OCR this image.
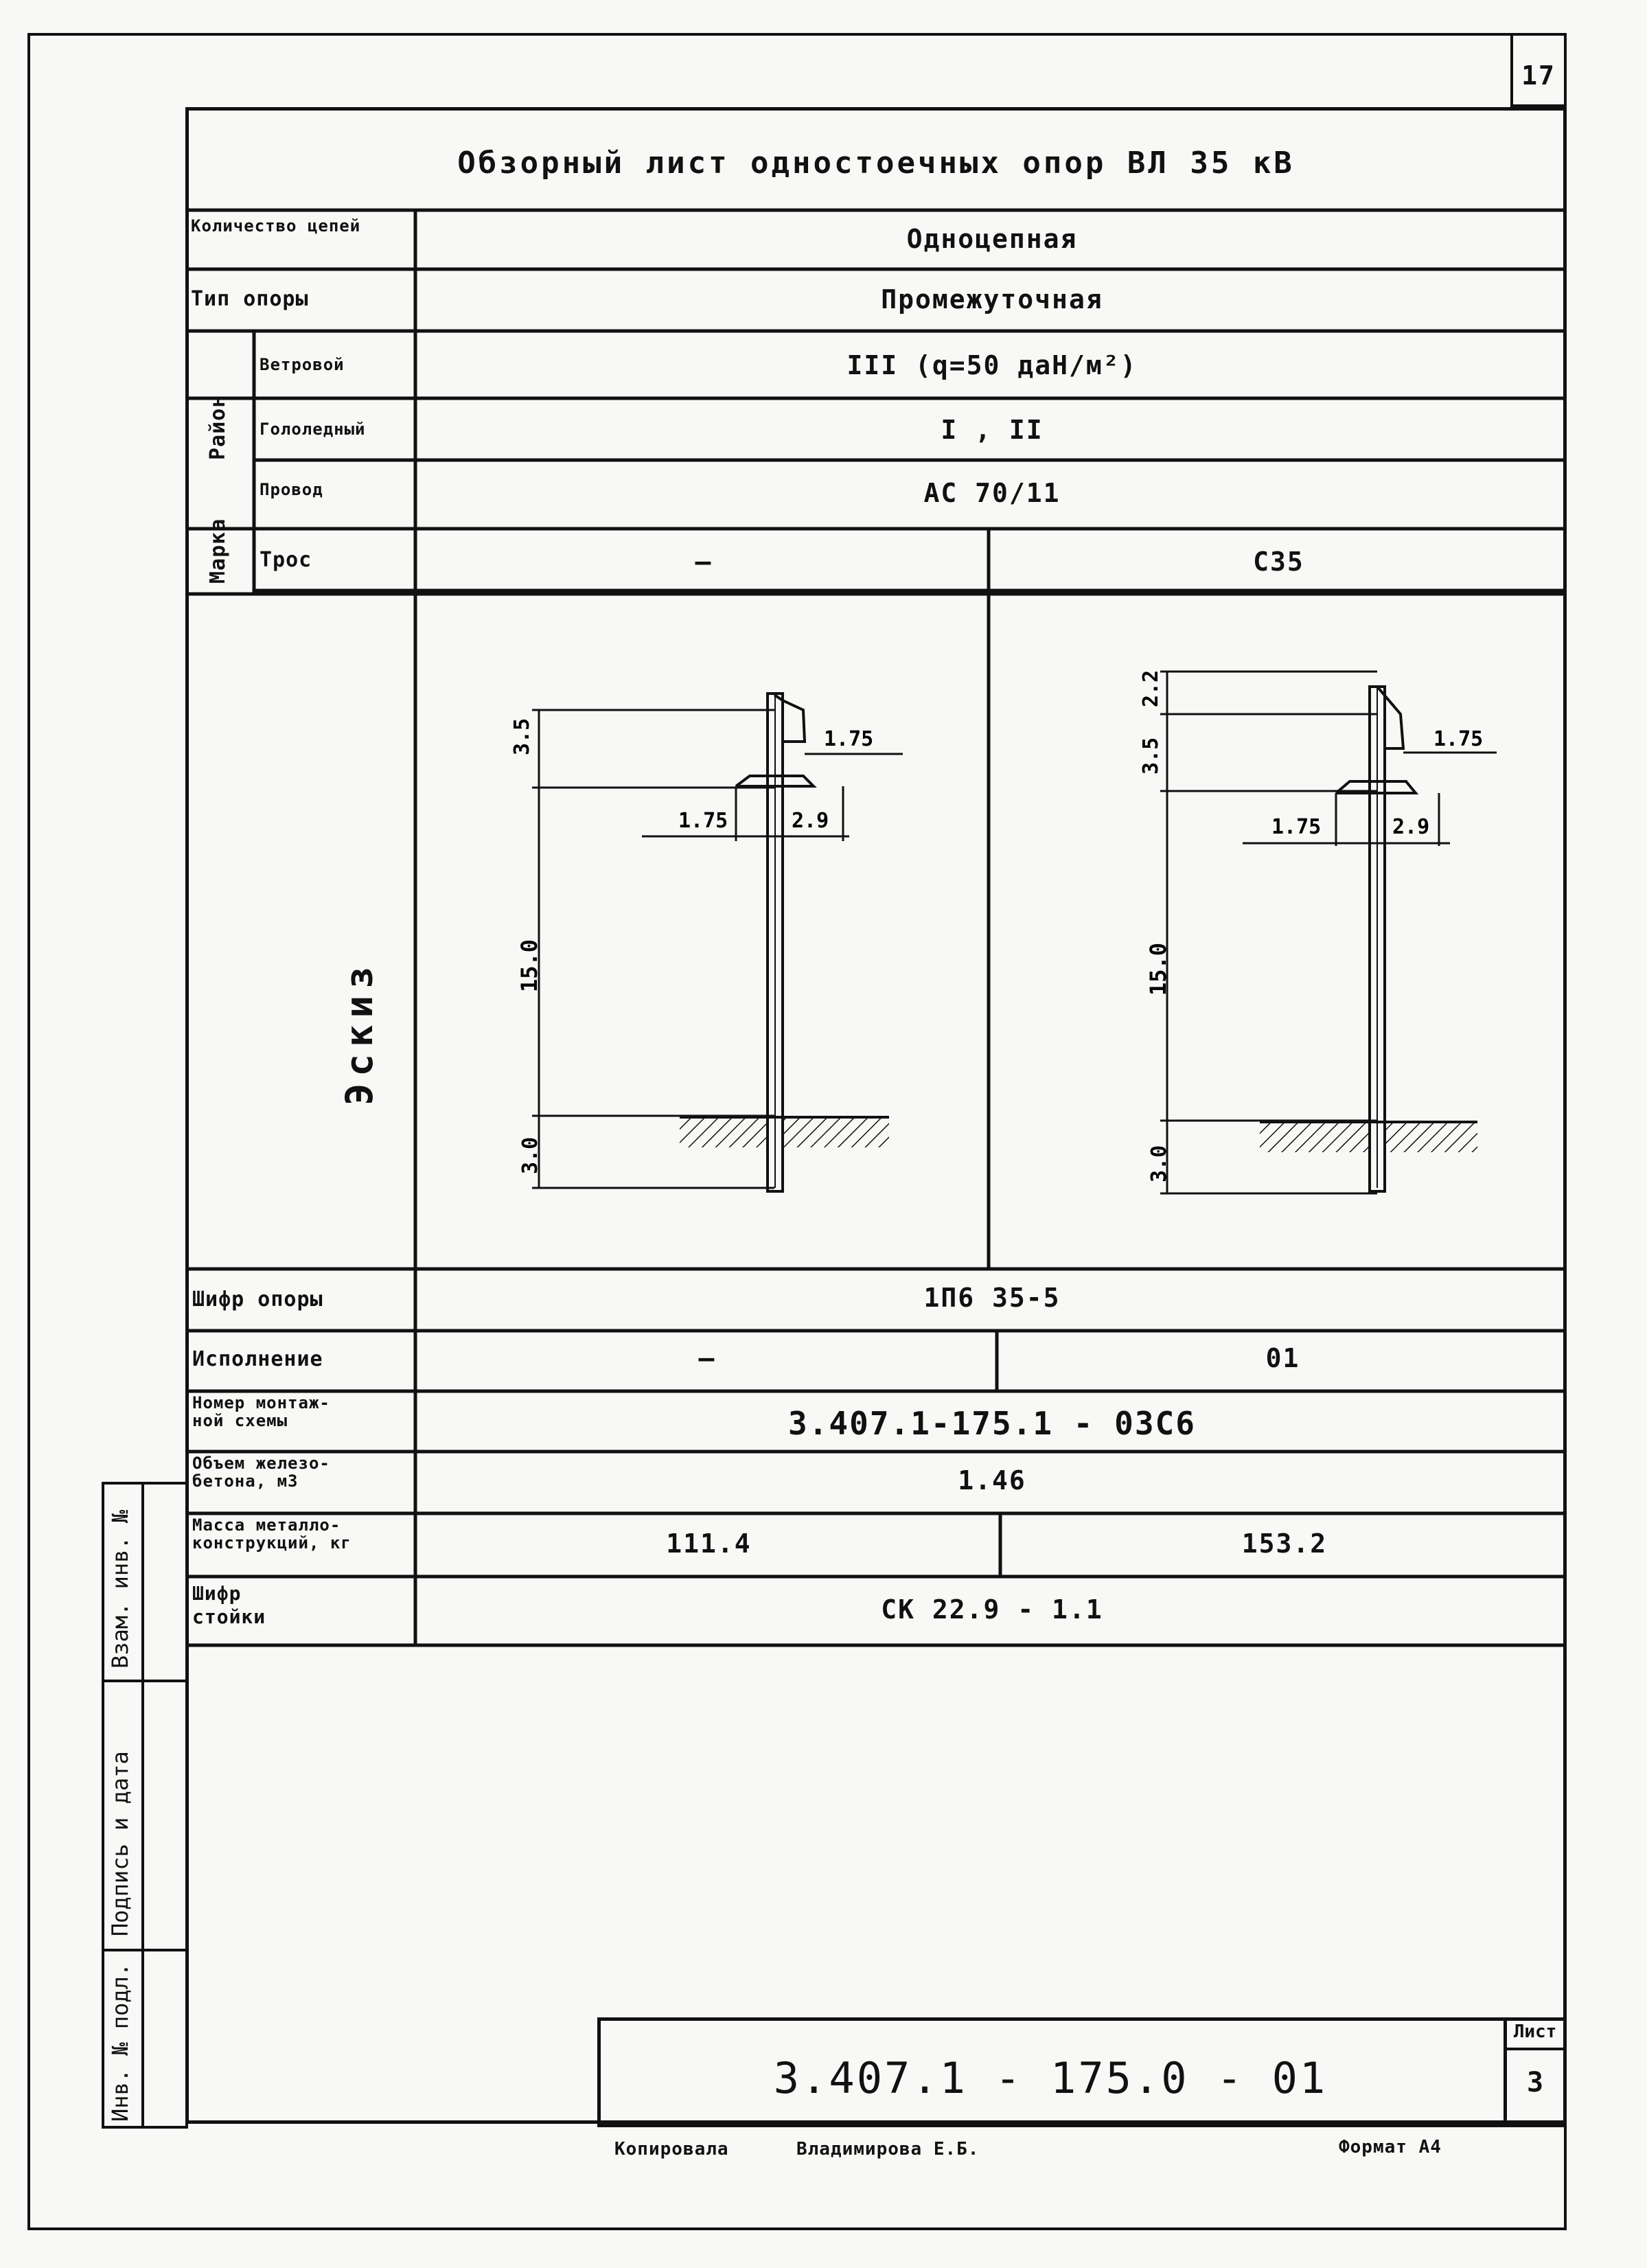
17
Обзорный лист одностоечных опор ВЛ 35 кВ
Количество цепей	Одноцепная
Тип опоры	Промежуточная
Район
Ветровой	III (q=50 даН/м²)
Гололедный	I , II
Марка
Провод	АС 70/11
Трос	—	С35
Эскиз
Шифр опоры	1П6 35-5
Исполнение	—	01
Номер монтаж-
ной схемы	3.407.1-175.1 - 03С6
Объем железо-
бетона, м3	1.46
Масса металло-
конструкций, кг	111.4	153.2
Шифр
стойки	СК 22.9 - 1.1
3.5
15.0
3.0
1.75
1.75	2.9
2.2
3.5
15.0
3.0
1.75
1.75	2.9
Взам. инв. №
Подпись и дата
Инв. № подл.	3.407.1 - 175.0 - 01
Лист
3
Копировала	Владимирова Е.Б.	Формат А4
